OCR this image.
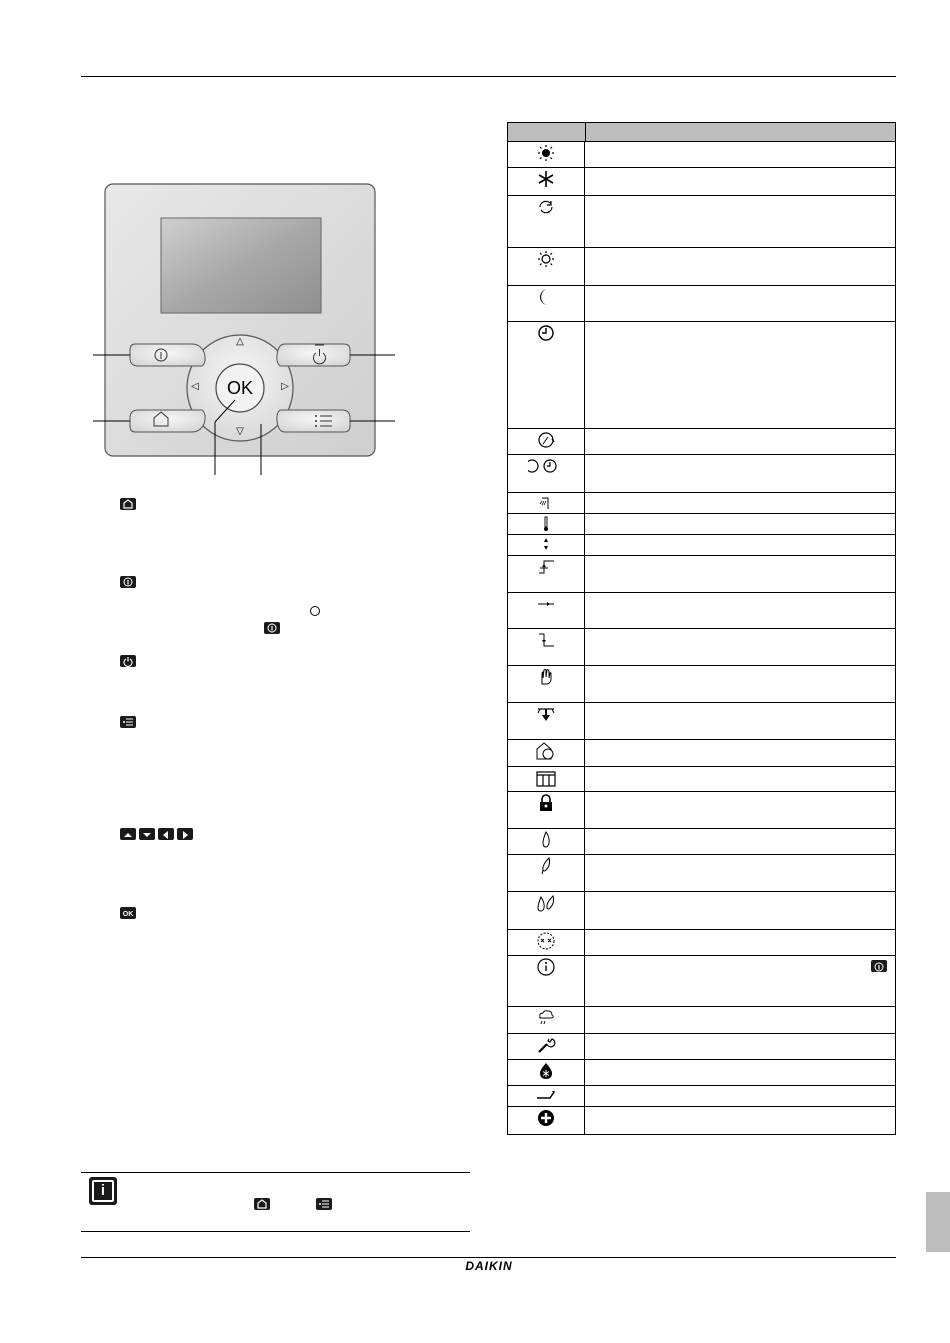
OK
△
▽
◁	▷
OK
i
DAIKIN
